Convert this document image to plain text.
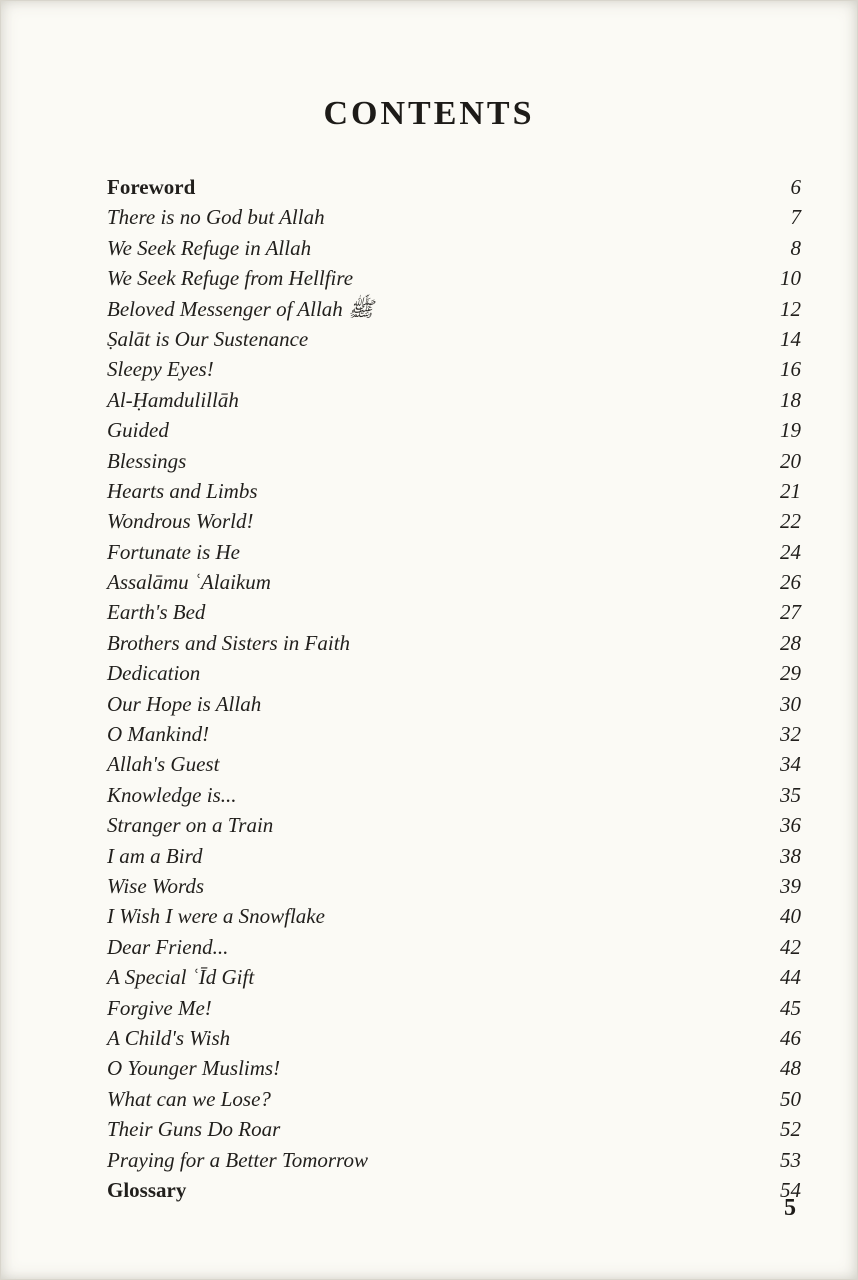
CONTENTS
Foreword	6
There is no God but Allah	7
We Seek Refuge in Allah	8
We Seek Refuge from Hellfire	10
Beloved Messenger of Allah ﷺ	12
Ṣalāt is Our Sustenance	14
Sleepy Eyes!	16
Al-Ḥamdulillāh	18
Guided	19
Blessings	20
Hearts and Limbs	21
Wondrous World!	22
Fortunate is He	24
Assalāmu ʿAlaikum	26
Earth's Bed	27
Brothers and Sisters in Faith	28
Dedication	29
Our Hope is Allah	30
O Mankind!	32
Allah's Guest	34
Knowledge is...	35
Stranger on a Train	36
I am a Bird	38
Wise Words	39
I Wish I were a Snowflake	40
Dear Friend...	42
A Special ʿĪd Gift	44
Forgive Me!	45
A Child's Wish	46
O Younger Muslims!	48
What can we Lose?	50
Their Guns Do Roar	52
Praying for a Better Tomorrow	53
Glossary	54
5
